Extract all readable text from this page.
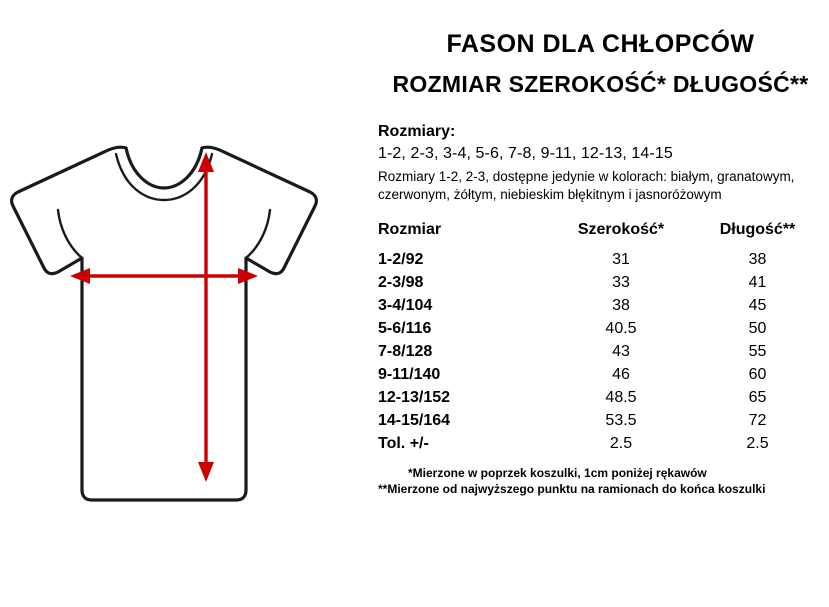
FASON DLA CHŁOPCÓW
ROZMIAR SZEROKOŚĆ* DŁUGOŚĆ**
Rozmiary:
1-2, 2-3, 3-4, 5-6, 7-8, 9-11, 12-13, 14-15
Rozmiary 1-2, 2-3, dostępne jedynie w kolorach: białym, granatowym, czerwonym, żółtym, niebieskim błękitnym i jasnoróżowym
Rozmiar	Szerokość*	Długość**
1-2/92	31	38
2-3/98	33	41
3-4/104	38	45
5-6/116	40.5	50
7-8/128	43	55
9-11/140	46	60
12-13/152	48.5	65
14-15/164	53.5	72
Tol. +/-	2.5	2.5
*Mierzone w poprzek koszulki, 1cm poniżej rękawów
**Mierzone od najwyższego punktu na ramionach do końca koszulki
